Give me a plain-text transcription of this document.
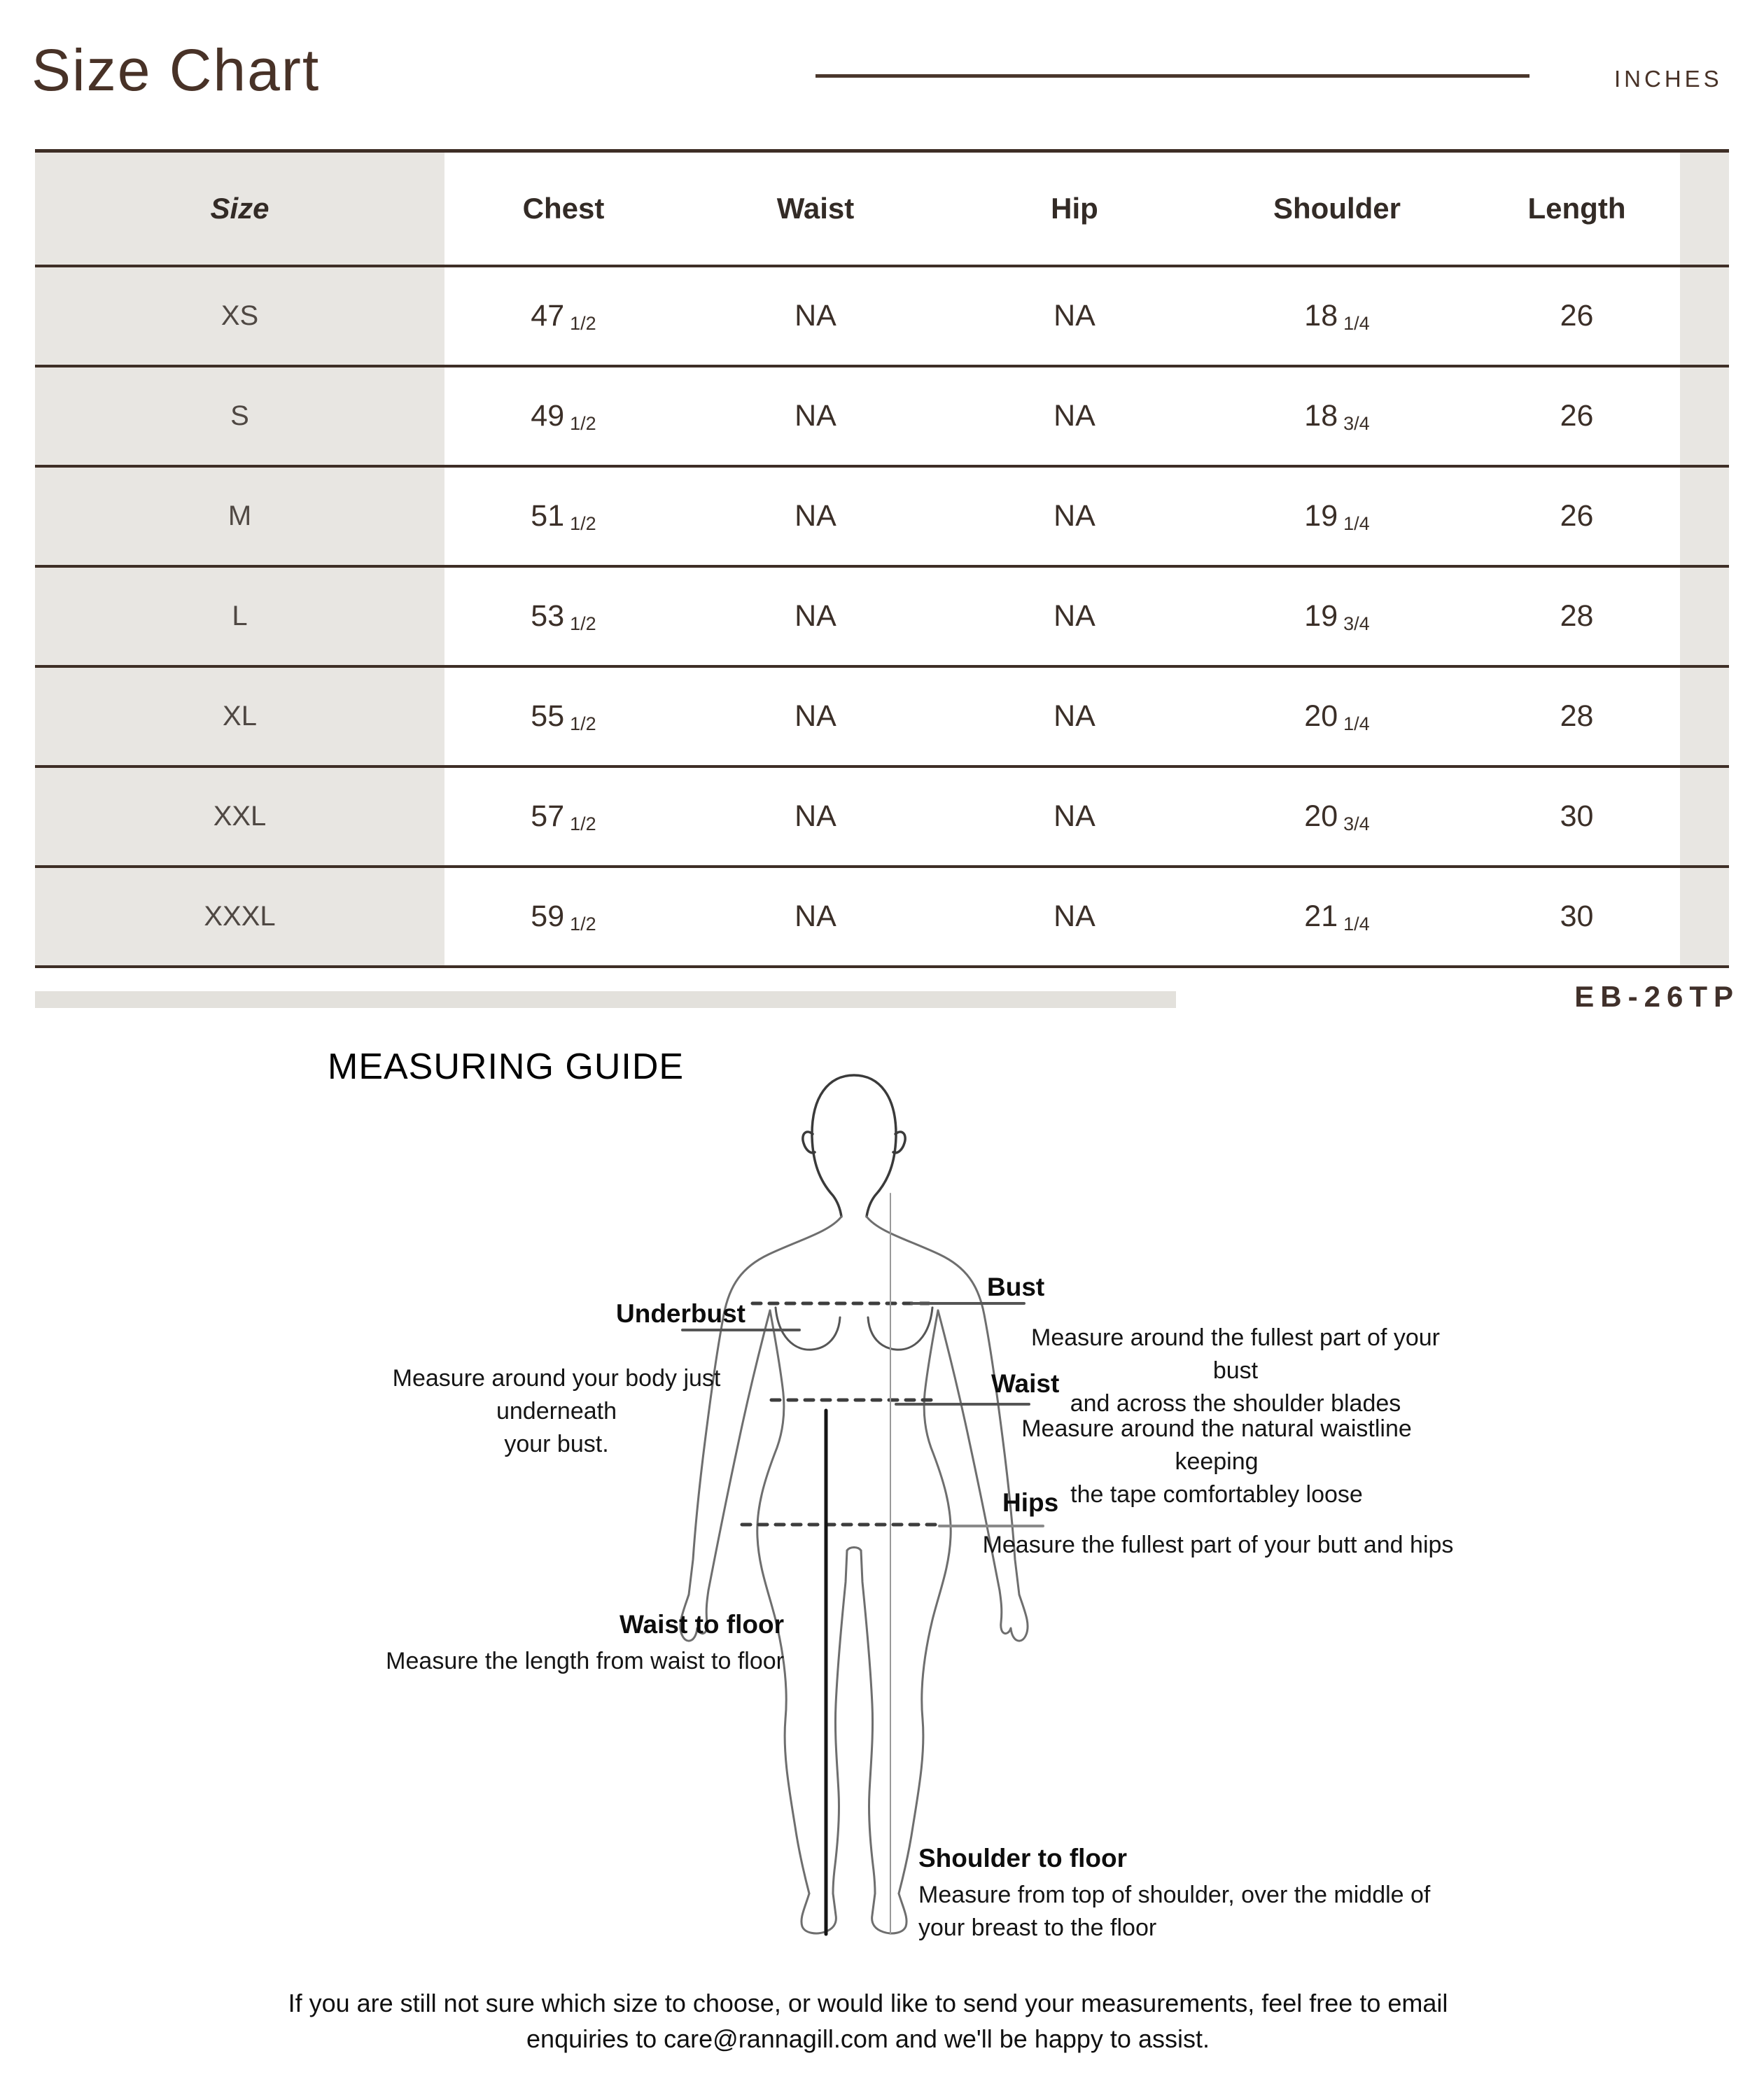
Size Chart	INCHES
Size	Chest	Waist	Hip	Shoulder	Length
XS	47 1/2	NA	NA	18 1/4	26
S	49 1/2	NA	NA	18 3/4	26
M	51 1/2	NA	NA	19 1/4	26
L	53 1/2	NA	NA	19 3/4	28
XL	55 1/2	NA	NA	20 1/4	28
XXL	57 1/2	NA	NA	20 3/4	30
XXXL	59 1/2	NA	NA	21 1/4	30
EB-26TP
MEASURING GUIDE
Underbust
Measure around your body just underneath
your bust.
Bust
Measure around the fullest part of your bust
and across the shoulder blades
Waist
Measure around the natural waistline keeping
the tape comfortabley loose
Hips
Measure the fullest part of your butt and hips
Waist to floor
Measure the length from waist to floor
Shoulder to floor
Measure from top of shoulder, over the middle of
your breast to the floor
If you are still not sure which size to choose, or would like to send your measurements, feel free to email
enquiries to care@rannagill.com and we'll be happy to assist.
